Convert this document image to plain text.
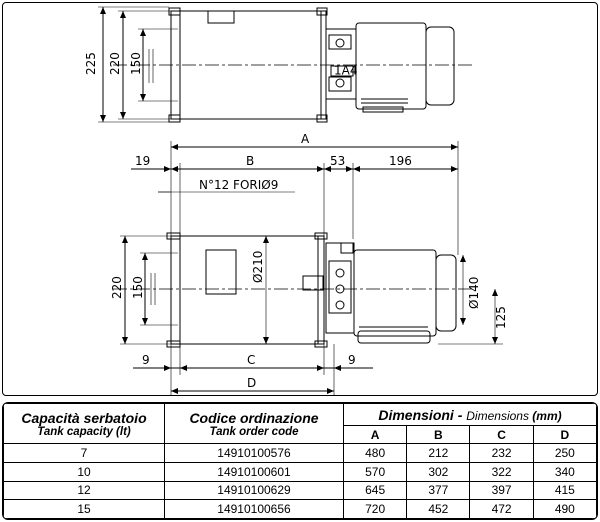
1A4
225 220 150
A
19	B	53	196
N°12 FORIØ9
Ø210
Ø140
125
220 150
9	C	9
D
Capacità serbatoio
Tank capacity (lt)	Codice ordinazione
Tank order code	Dimensioni - Dimensions (mm)			
		A	B	C	D
7	14910100576	480	212	232	250
10	14910100601	570	302	322	340
12	14910100629	645	377	397	415
15	14910100656	720	452	472	490
